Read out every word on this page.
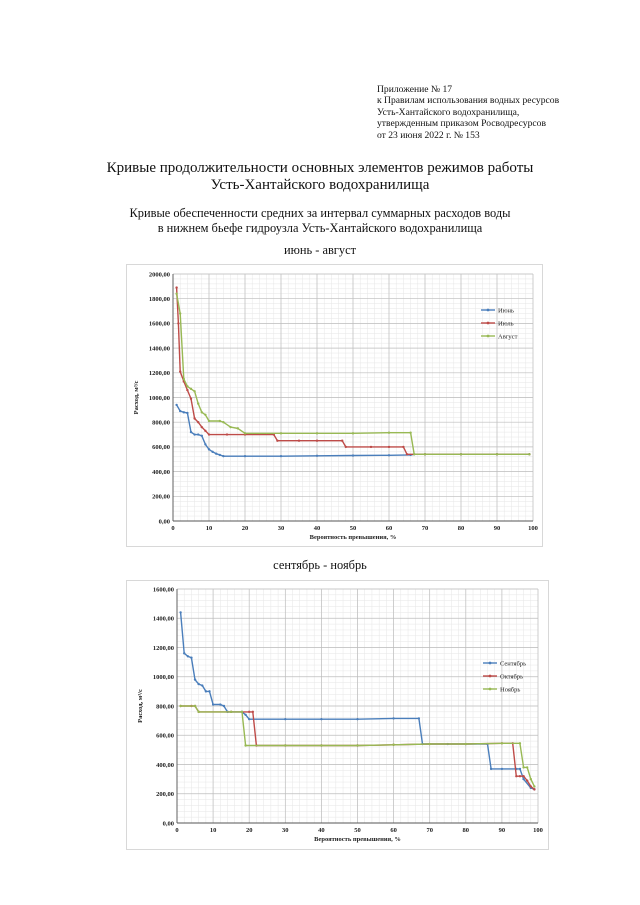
Приложение № 17
к Правилам использования водных ресурсов
Усть-Хантайского водохранилища,
утвержденным приказом Росводресурсов
от 23 июня 2022 г. № 153
Кривые продолжительности основных элементов режимов работы
Усть-Хантайского водохранилища
Кривые обеспеченности средних за интервал суммарных расходов воды
в нижнем бьефе гидроузла Усть-Хантайского водохранилища
июнь - август
0	10	20	30	40	50	60	70	80	90	100
0,00
200,00
400,00
600,00
800,00
1000,00
1200,00
1400,00
1600,00
1800,00
2000,00
Вероятность превышения, %
Расход, м³/с
Июнь
Июль
Август
сентябрь - ноябрь
0	10	20	30	40	50	60	70	80	90	100
0,00
200,00
400,00
600,00
800,00
1000,00
1200,00
1400,00
1600,00
Вероятность превышения, %
Расход, м³/с
Сентябрь
Октябрь
Ноябрь
